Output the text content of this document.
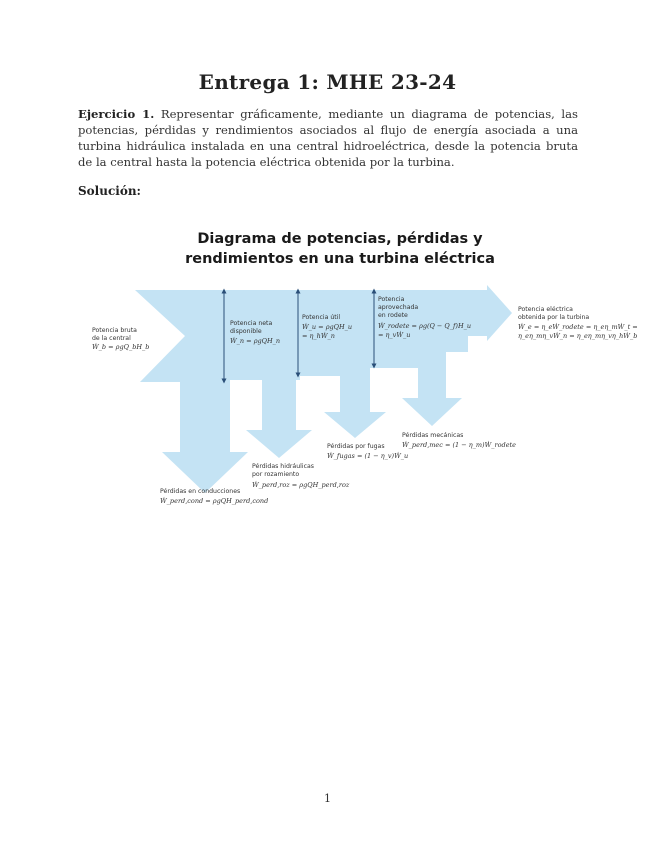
Entrega 1: MHE 23-24
Ejercicio 1. Representar gráficamente, mediante un diagrama de potencias, las potencias, pérdidas y rendimientos asociados al flujo de energía asociada a una turbina hidráulica instalada en una central hidroeléctrica, desde la potencia bruta de la central hasta la potencia eléctrica obtenida por la turbina.
Solución:
Diagrama de potencias, pérdidas y
rendimientos en una turbina eléctrica
Potencia bruta
de la central
Ẇ_b = ρgQ_bH_b
Potencia neta
disponible
Ẇ_n = ρgQH_n
Potencia útil
Ẇ_u = ρgQH_u
= η_hẆ_n
Potencia
aprovechada
en rodete
Ẇ_rodete = ρg(Q − Q_f)H_u
= η_vẆ_u
Potencia eléctrica
obtenida por la turbina
Ẇ_e = η_eẆ_rodete = η_eη_mẆ_t =
η_eη_mη_vẆ_n = η_eη_mη_vη_hẆ_b
Pérdidas en conducciones
Ẇ_perd,cond = ρgQH_perd,cond
Pérdidas hidráulicas
por rozamiento
Ẇ_perd,roz = ρgQH_perd,roz
Pérdidas por fugas
Ẇ_fugas = (1 − η_v)Ẇ_u
Pérdidas mecánicas
Ẇ_perd,mec = (1 − η_m)Ẇ_rodete
1
